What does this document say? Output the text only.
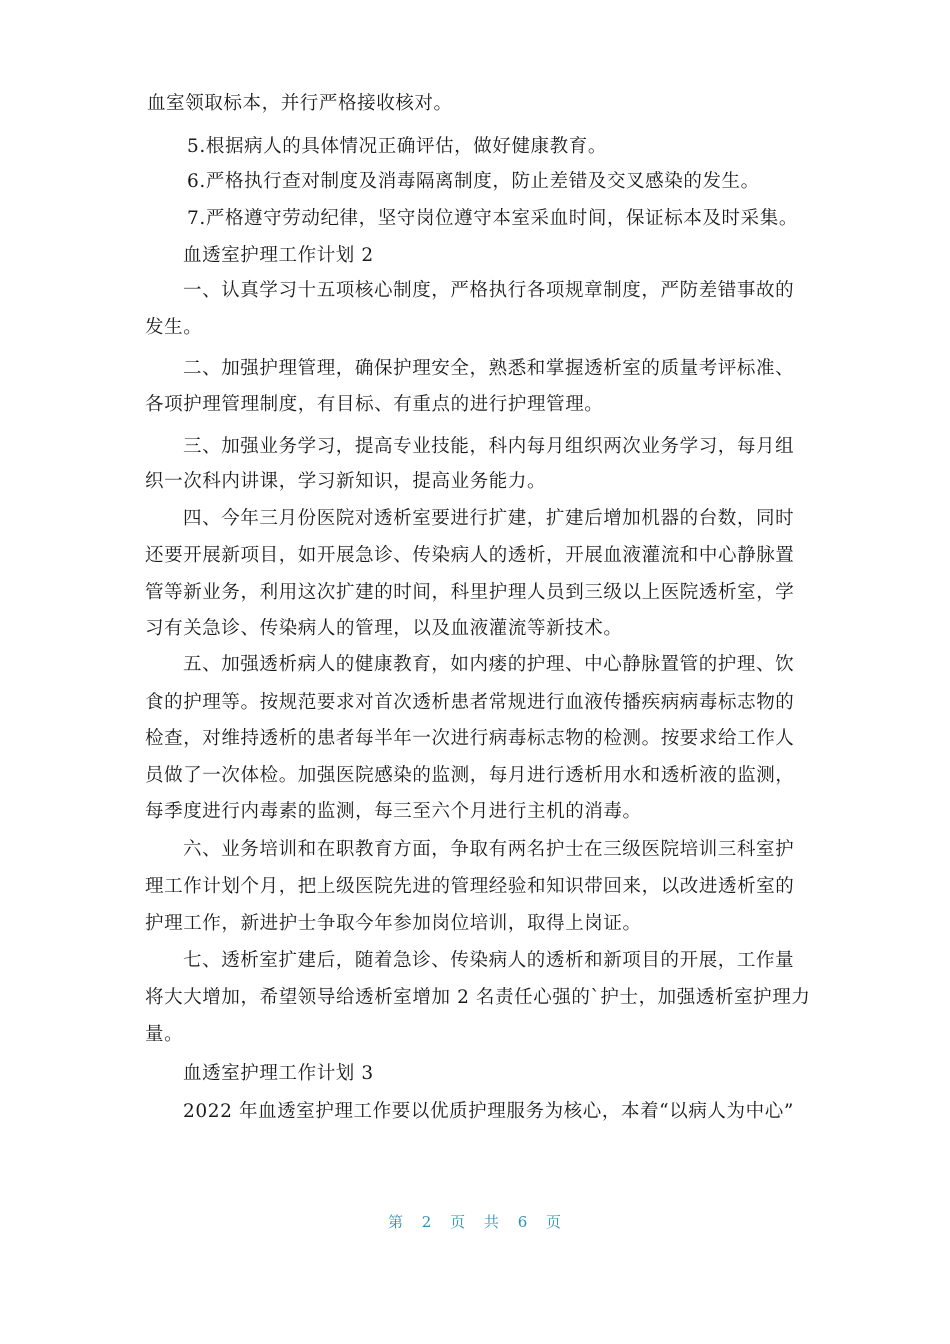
血室领取标本，并行严格接收核对。
5.根据病人的具体情况正确评估，做好健康教育。
6.严格执行查对制度及消毒隔离制度，防止差错及交叉感染的发生。
7.严格遵守劳动纪律，坚守岗位遵守本室采血时间，保证标本及时采集。
血透室护理工作计划 2
一、认真学习十五项核心制度，严格执行各项规章制度，严防差错事故的
发生。
二、加强护理管理，确保护理安全，熟悉和掌握透析室的质量考评标准、
各项护理管理制度，有目标、有重点的进行护理管理。
三、加强业务学习，提高专业技能，科内每月组织两次业务学习，每月组
织一次科内讲课，学习新知识，提高业务能力。
四、今年三月份医院对透析室要进行扩建，扩建后增加机器的台数，同时
还要开展新项目，如开展急诊、传染病人的透析，开展血液灌流和中心静脉置
管等新业务，利用这次扩建的时间，科里护理人员到三级以上医院透析室，学
习有关急诊、传染病人的管理，以及血液灌流等新技术。
五、加强透析病人的健康教育，如内瘘的护理、中心静脉置管的护理、饮
食的护理等。按规范要求对首次透析患者常规进行血液传播疾病病毒标志物的
检查，对维持透析的患者每半年一次进行病毒标志物的检测。按要求给工作人
员做了一次体检。加强医院感染的监测，每月进行透析用水和透析液的监测，
每季度进行内毒素的监测，每三至六个月进行主机的消毒。
六、业务培训和在职教育方面，争取有两名护士在三级医院培训三科室护
理工作计划个月，把上级医院先进的管理经验和知识带回来，以改进透析室的
护理工作，新进护士争取今年参加岗位培训，取得上岗证。
七、透析室扩建后，随着急诊、传染病人的透析和新项目的开展，工作量
将大大增加，希望领导给透析室增加 2 名责任心强的`护士，加强透析室护理力
量。
血透室护理工作计划 3
2022 年血透室护理工作要以优质护理服务为核心，本着“以病人为中心”
第 2 页 共 6 页
